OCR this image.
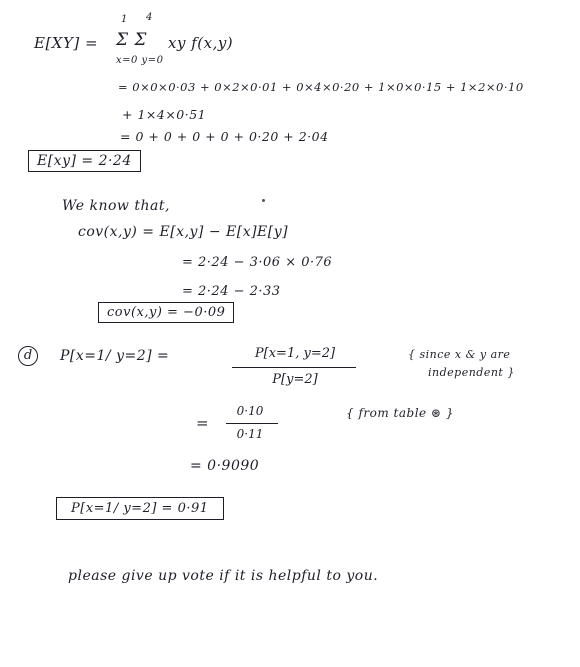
E[XY] =
1 4
Σ Σ xy f(x,y)
x=0 y=0
= 0×0×0·03 + 0×2×0·01 + 0×4×0·20 + 1×0×0·15 + 1×2×0·10
+ 1×4×0·51
= 0 + 0 + 0 + 0 + 0·20 + 2·04
E[xy] = 2·24
We know that,
cov(x,y) = E[x,y] − E[x]E[y]
= 2·24 − 3·06 × 0·76
= 2·24 − 2·33
cov(x,y) = −0·09
d	P[x=1/ y=2] =	P[x=1, y=2]
P[y=2]
{ since x & y are
independent }
=
0·10
0·11
{ from table ⊛ }
= 0·9090
P[x=1/ y=2] = 0·91
please give up vote if it is helpful to you.
